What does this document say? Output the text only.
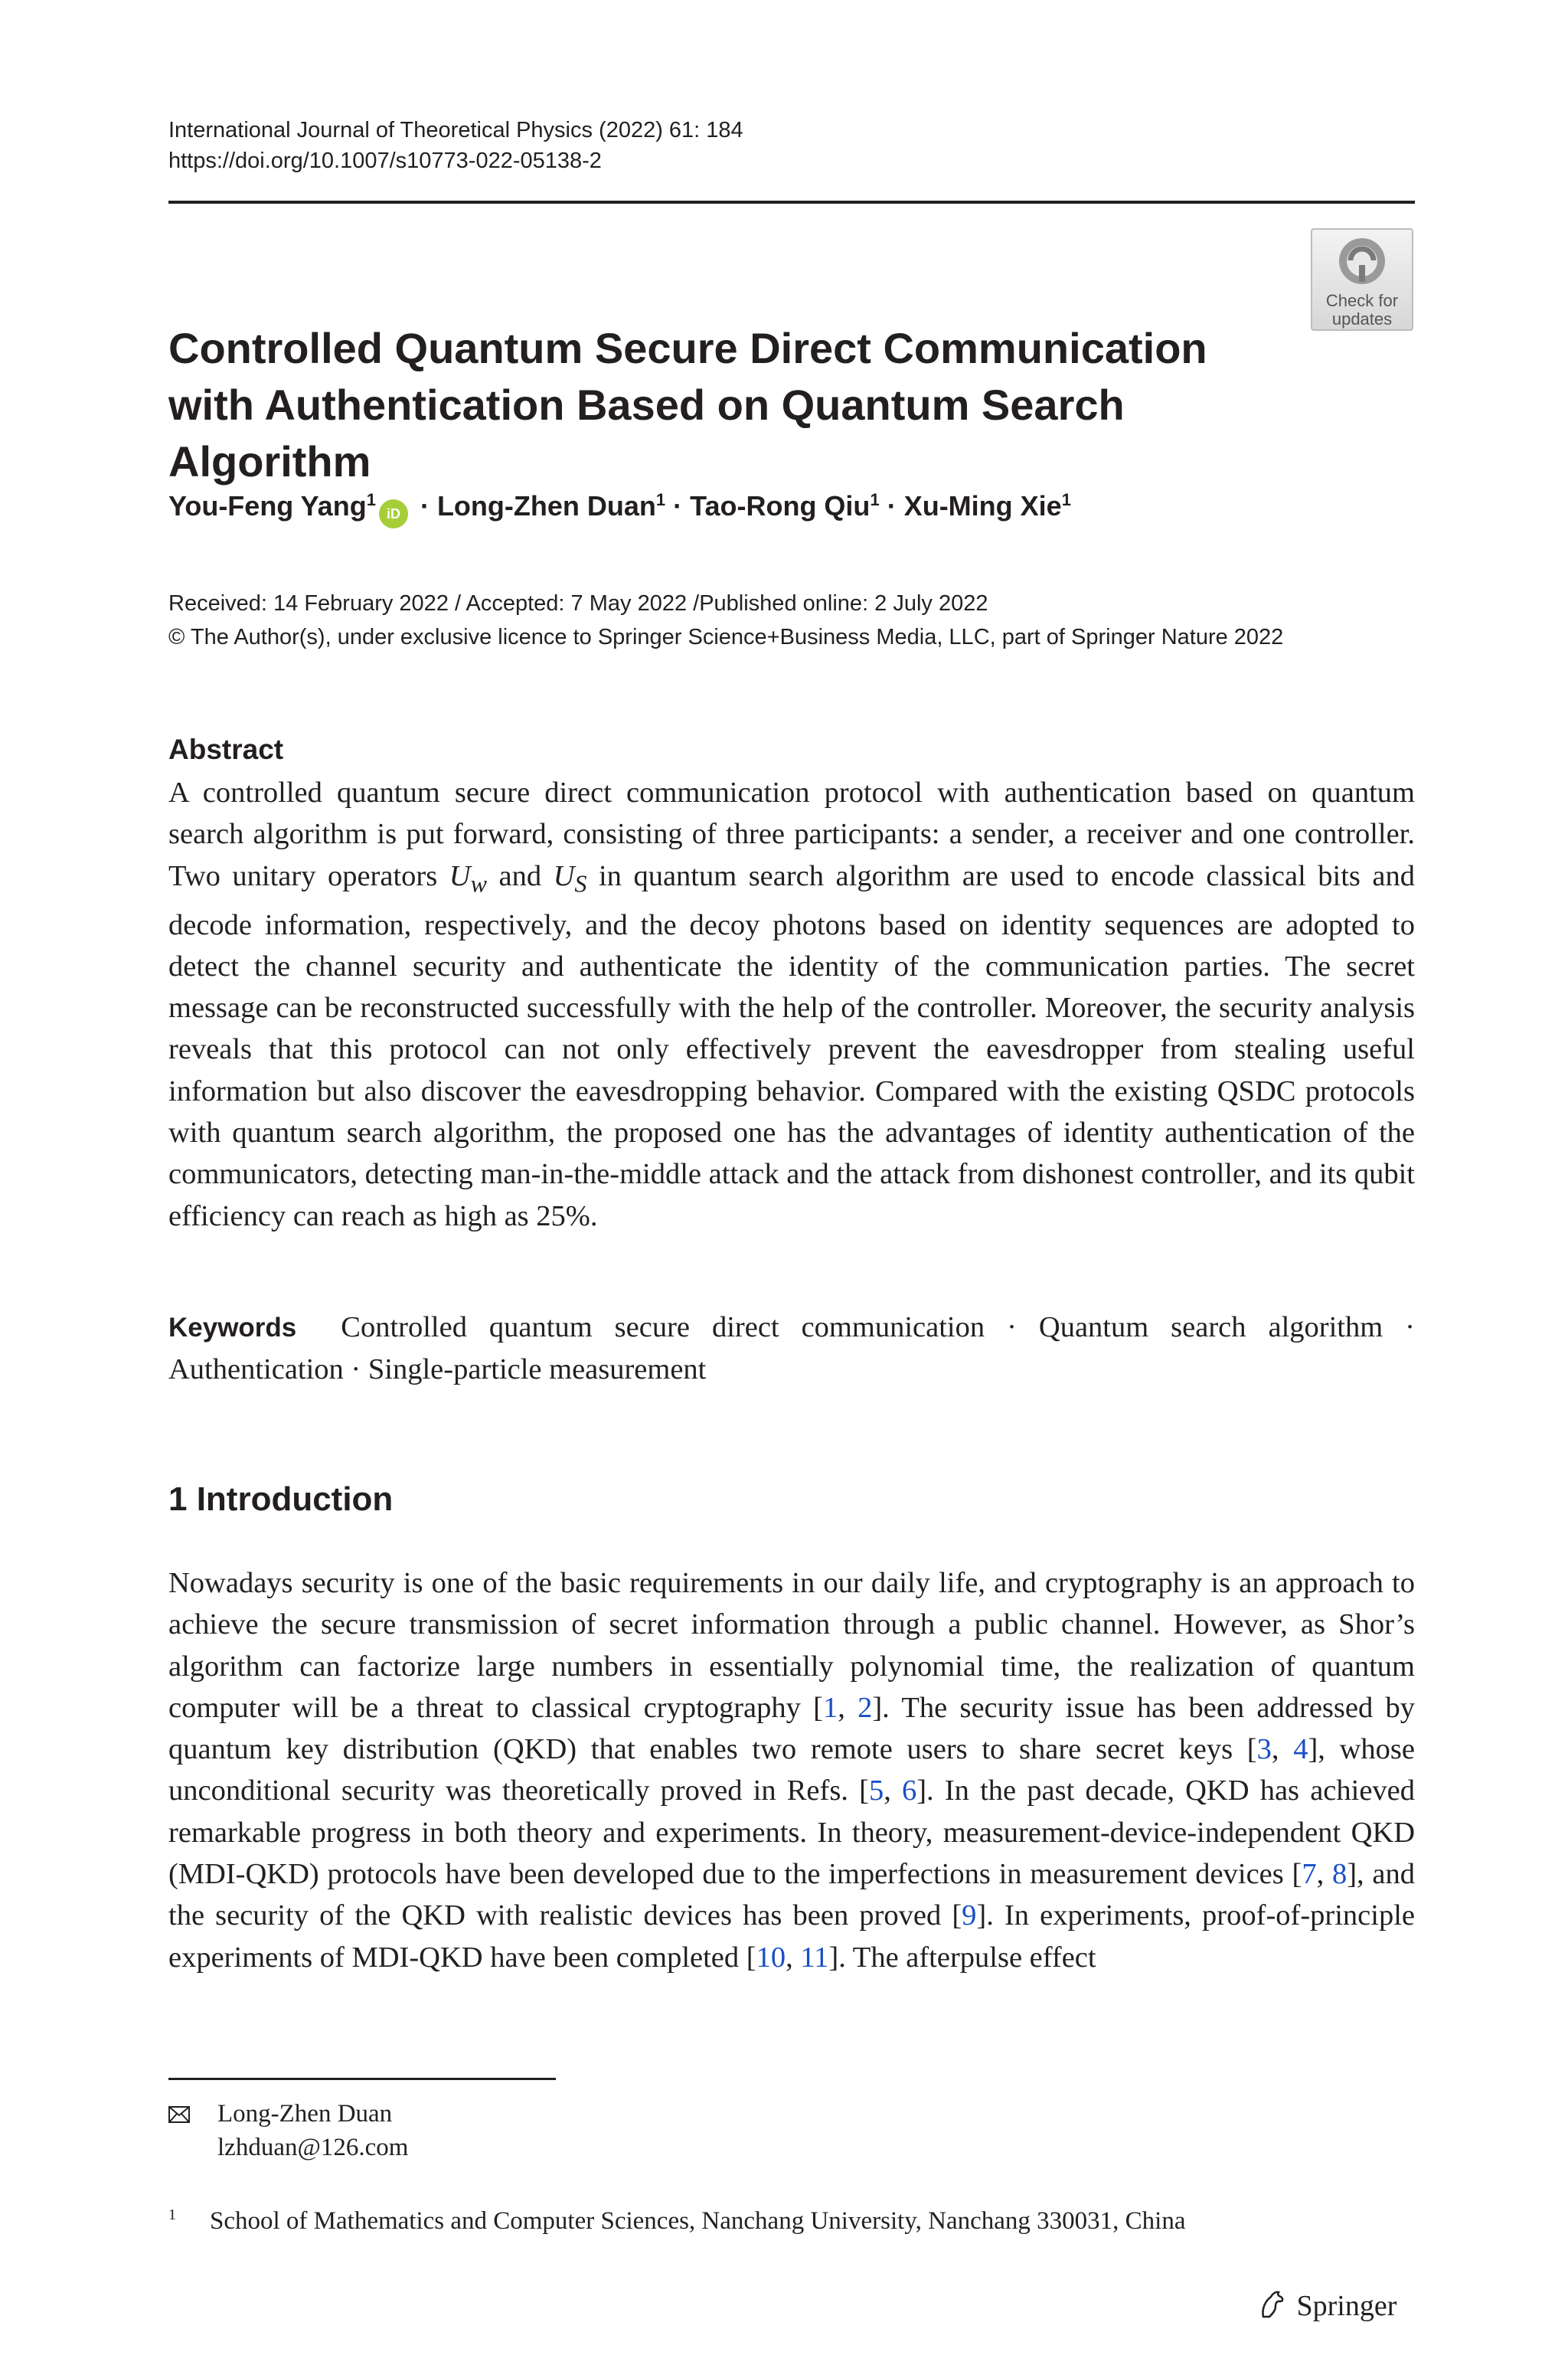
International Journal of Theoretical Physics (2022) 61: 184
https://doi.org/10.1007/s10773-022-05138-2
Check for
updates
Controlled Quantum Secure Direct Communication
with Authentication Based on Quantum Search Algorithm
You-Feng Yang$^1$iD · Long-Zhen Duan$^1$ · Tao-Rong Qiu$^1$ · Xu-Ming Xie$^1$
Received: 14 February 2022 / Accepted: 7 May 2022 /Published online: 2 July 2022
© The Author(s), under exclusive licence to Springer Science+Business Media, LLC, part of Springer Nature 2022
Abstract
A controlled quantum secure direct communication protocol with authentication based on quantum search algorithm is put forward, consisting of three participants: a sender, a receiver and one controller. Two unitary operators $U_w$ and $U_S$ in quantum search algorithm are used to encode classical bits and decode information, respectively, and the decoy photons based on identity sequences are adopted to detect the channel security and authenticate the identity of the communication parties. The secret message can be reconstructed successfully with the help of the controller. Moreover, the security analysis reveals that this protocol can not only effectively prevent the eavesdropper from stealing useful information but also discover the eavesdropping behavior. Compared with the existing QSDC protocols with quantum search algorithm, the proposed one has the advantages of identity authentication of the communicators, detecting man-in-the-middle attack and the attack from dishonest controller, and its qubit efficiency can reach as high as 25%.
Keywords Controlled quantum secure direct communication · Quantum search algorithm · Authentication · Single-particle measurement
1 Introduction
Nowadays security is one of the basic requirements in our daily life, and cryptography is an approach to achieve the secure transmission of secret information through a public channel. However, as Shor’s algorithm can factorize large numbers in essentially polynomial time, the realization of quantum computer will be a threat to classical cryptography [1, 2]. The security issue has been addressed by quantum key distribution (QKD) that enables two remote users to share secret keys [3, 4], whose unconditional security was theoretically proved in Refs. [5, 6]. In the past decade, QKD has achieved remarkable progress in both theory and experiments. In theory, measurement-device-independent QKD (MDI-QKD) protocols have been developed due to the imperfections in measurement devices [7, 8], and the security of the QKD with realistic devices has been proved [9]. In experiments, proof-of-principle experiments of MDI-QKD have been completed [10, 11]. The afterpulse effect
Long-Zhen Duan
lzhduan@126.com
$^1$ School of Mathematics and Computer Sciences, Nanchang University, Nanchang 330031, China
Springer
